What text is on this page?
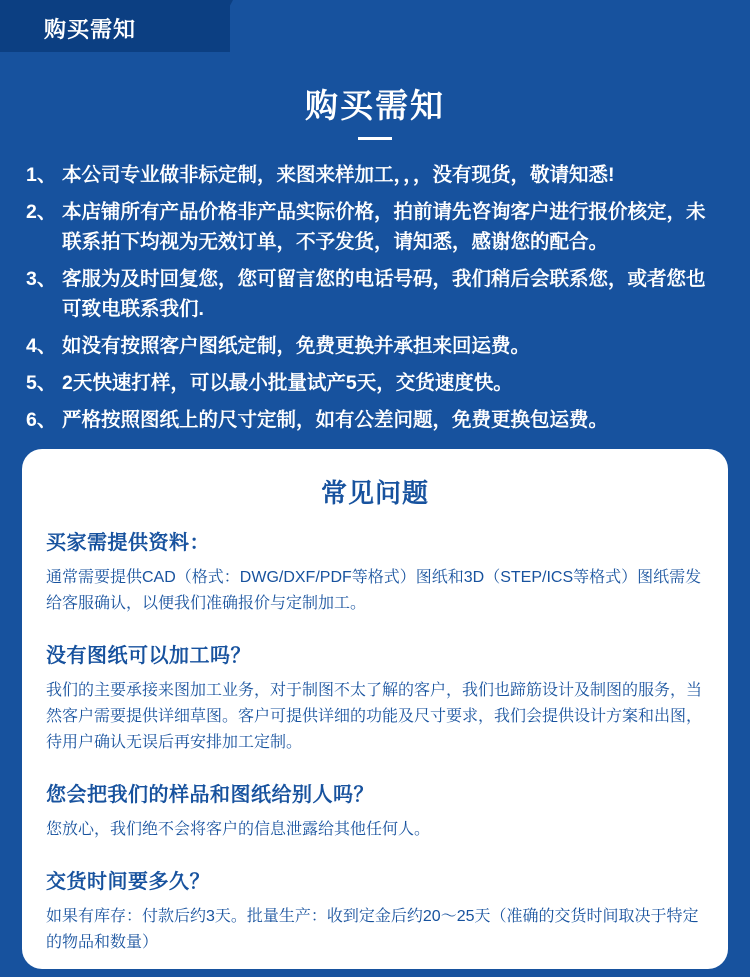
购买需知
购买需知
1、 本公司专业做非标定制，来图来样加工，，，没有现货，敬请知悉!
2、 本店铺所有产品价格非产品实际价格，拍前请先咨询客户进行报价核定，未联系拍下均视为无效订单，不予发货，请知悉，感谢您的配合。
3、 客服为及时回复您，您可留言您的电话号码，我们稍后会联系您，或者您也可致电联系我们.
4、 如没有按照客户图纸定制，免费更换并承担来回运费。
5、 2天快速打样，可以最小批量试产5天，交货速度快。
6、 严格按照图纸上的尺寸定制，如有公差问题，免费更换包运费。
常见问题
买家需提供资料：
通常需要提供CAD（格式：DWG/DXF/PDF等格式）图纸和3D（STEP/ICS等格式）图纸需发给客服确认，以便我们准确报价与定制加工。
没有图纸可以加工吗？
我们的主要承接来图加工业务，对于制图不太了解的客户，我们也蹄筋设计及制图的服务，当然客户需要提供详细草图。客户可提供详细的功能及尺寸要求，我们会提供设计方案和出图，待用户确认无误后再安排加工定制。
您会把我们的样品和图纸给别人吗？
您放心，我们绝不会将客户的信息泄露给其他任何人。
交货时间要多久？
如果有库存：付款后约3天。批量生产：收到定金后约20～25天（准确的交货时间取决于特定的物品和数量）
